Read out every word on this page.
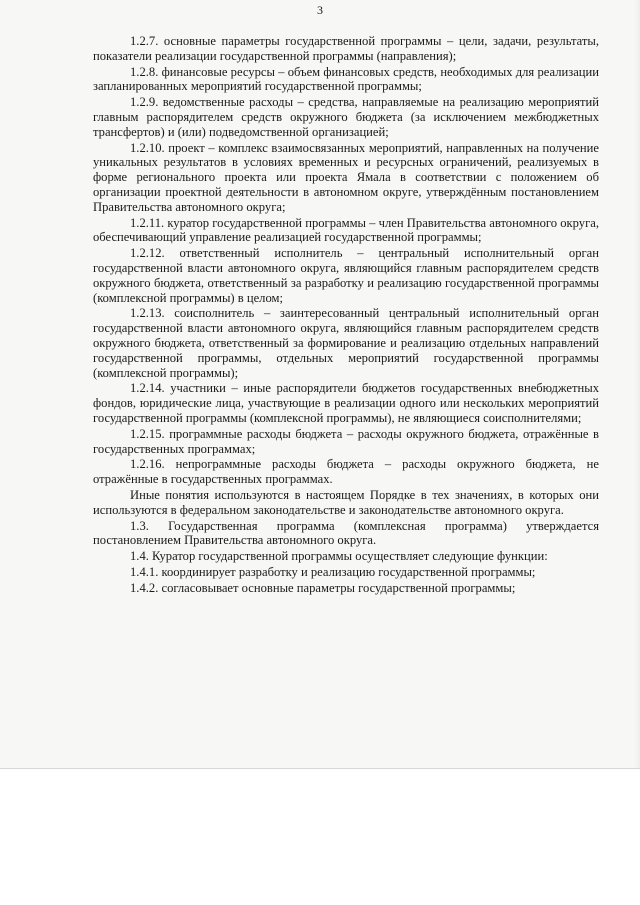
3

1.2.7. основные параметры государственной программы – цели, задачи, результаты, показатели реализации государственной программы (направления);

1.2.8. финансовые ресурсы – объем финансовых средств, необходимых для реализации запланированных мероприятий государственной программы;

1.2.9. ведомственные расходы – средства, направляемые на реализацию мероприятий главным распорядителем средств окружного бюджета (за исключением межбюджетных трансфертов) и (или) подведомственной организацией;

1.2.10. проект – комплекс взаимосвязанных мероприятий, направленных на получение уникальных результатов в условиях временных и ресурсных ограничений, реализуемых в форме регионального проекта или проекта Ямала в соответствии с положением об организации проектной деятельности в автономном округе, утверждённым постановлением Правительства автономного округа;

1.2.11. куратор государственной программы – член Правительства автономного округа, обеспечивающий управление реализацией государственной программы;

1.2.12. ответственный исполнитель – центральный исполнительный орган государственной власти автономного округа, являющийся главным распорядителем средств окружного бюджета, ответственный за разработку и реализацию государственной программы (комплексной программы) в целом;

1.2.13. соисполнитель – заинтересованный центральный исполнительный орган государственной власти автономного округа, являющийся главным распорядителем средств окружного бюджета, ответственный за формирование и реализацию отдельных направлений государственной программы, отдельных мероприятий государственной программы (комплексной программы);

1.2.14. участники – иные распорядители бюджетов государственных внебюджетных фондов, юридические лица, участвующие в реализации одного или нескольких мероприятий государственной программы (комплексной программы), не являющиеся соисполнителями;

1.2.15. программные расходы бюджета – расходы окружного бюджета, отражённые в государственных программах;

1.2.16. непрограммные расходы бюджета – расходы окружного бюджета, не отражённые в государственных программах.

Иные понятия используются в настоящем Порядке в тех значениях, в которых они используются в федеральном законодательстве и законодательстве автономного округа.

1.3. Государственная программа (комплексная программа) утверждается постановлением Правительства автономного округа.

1.4. Куратор государственной программы осуществляет следующие функции:

1.4.1. координирует разработку и реализацию государственной программы;

1.4.2. согласовывает основные параметры государственной программы;
